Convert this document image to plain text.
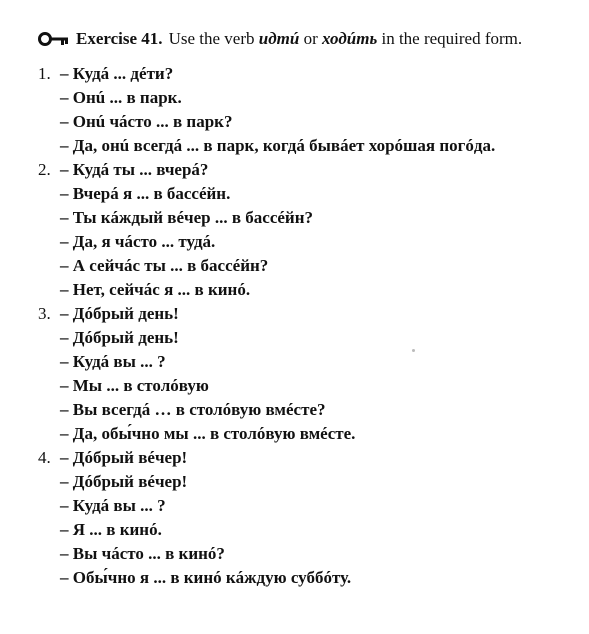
Exercise 41. Use the verb
идтú
or
ходúть
in the required form.
1. – Кудá ... дéти?
– Онú ... в парк.
– Онú чáсто ... в парк?
– Да, онú всегдá ... в парк, когдá бывáет хорóшая погóда.
2. – Кудá ты ... вчерá?
– Вчерá я ... в бассéйн.
– Ты кáждый вéчер ... в бассéйн?
– Да, я чáсто ... тудá.
– А сейчáс ты ... в бассéйн?
– Нет, сейчáс я ... в кинó.
3. – Дóбрый день!
– Дóбрый день!
– Кудá вы ... ?
– Мы ... в столóвую
– Вы всегдá … в столóвую вмéсте?
– Да, обы́чно мы ... в столóвую вмéсте.
4. – Дóбрый вéчер!
– Дóбрый вéчер!
– Кудá вы ... ?
– Я ... в кинó.
– Вы чáсто ... в кинó?
– Обы́чно я ... в кинó кáждую суббóту.
